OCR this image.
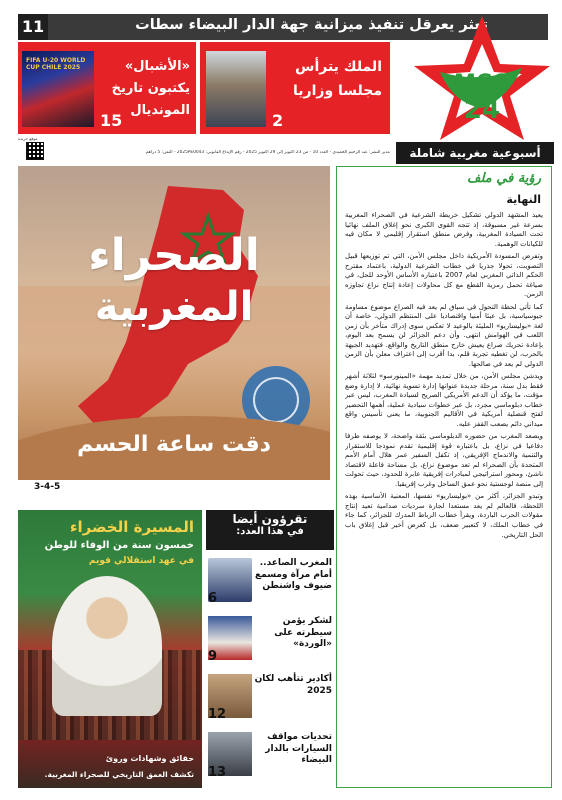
تعثر يعرقل تنفيذ ميزانية جهة الدار البيضاء سطات
11
MCG
24
أسبوعية مغربية شاملة
الملك يترأس مجلسا وزاريا
2
FIFA U-20 WORLD CUP CHILE 2025	«الأشبال» يكتبون تاريخ المونديال
15
موقع جريدة
مدير النشر: عبد الرحيم الحميدي - العدد 10 - من 23 أكتوبر إلى 29 أكتوبر 2025 - رقم الإيداع القانوني: 2025PE0043 - الثمن: 5 دراهم
الصحراء
المغربية
دقت ساعة الحسم
3-4-5
رؤية في ملف
النهاية

يعيد المشهد الدولي تشكيل خريطة الشرعية في الصحراء المغربية بسرعة غير مسبوقة، إذ تتجه القوى الكبرى نحو إغلاق الملف نهائيا تحت السيادة المغربية، وفرض منطق استقرار إقليمي لا مكان فيه للكيانات الوهمية.

وتفرض المسودة الأمريكية داخل مجلس الأمن، التي تم توزيعها قبيل التصويت، تحولا جذريا في خطاب الشرعية الدولية، باعتماد مقترح الحكم الذاتي المغربي لعام 2007 باعتباره الأساس الأوحد للحل، في صياغة تحمل رمزية القطع مع كل محاولات إعادة إنتاج نزاع تجاوزه الزمن.

كما تأتي لحظة التحول في سياق لم يعد فيه الصراع موضوع مساومة جيوسياسية، بل عبئا أمنيا واقتصاديا على المنتظم الدولي، خاصة أن لغة «بوليساريو» المليئة بالوعيد لا تعكس سوى إدراك متأخر بأن زمن اللعب في الهوامش انتهى. وأن دعم الجزائر لن يسمح بعد اليوم، بإعادة تحريك صراع يعيش خارج منطق التاريخ والواقع. فتهديد الجبهة بالحرب، لن تغطيه تجربة قلم، بدا أقرب إلى اعتراف معلن بأن الزمن الدولي لم يعد في صالحها.

ويدشن مجلس الأمن، من خلال تمديد مهمة «المينورسو» لثلاثة أشهر فقط بدل سنة، مرحلة جديدة عنوانها إدارة تسوية نهائية، لا إدارة وضع مؤقت، ما يؤكد أن الدعم الأمريكي الصريح لسيادة المغرب، ليس عبر خطاب دبلوماسي مجرد، بل عبر خطوات سيادية عملية، أهمها التحضير لفتح قنصلية أمريكية في الأقاليم الجنوبية، ما يعني تأسيس واقع ميداني دائم يصعب القفز عليه.

ويصعد المغرب من حضوره الدبلوماسي بثقة واضحة، لا يوصفه طرفا دفاعيا في نزاع، بل باعتباره قوة إقليمية تقدم نموذجا للاستقرار والتنمية والاندماج الإفريقي، إذ تكفل السفير عمر هلال أمام الأمم المتحدة بأن الصحراء لم تعد موضوع نزاع، بل مساحة فاعلة لاقتصاد ناشئ، ومحور استراتيجي لمبادرات إفريقية عابرة للحدود، حيث تحولت إلى منصة لوجستية نحو عمق الساحل وغرب إفريقيا.

وتبدو الجزائر، أكثر من «بوليساريو» نفسها، المعنية الأساسية بهذه اللحظة، فالعالم لم يعد مستعدا لجارة سرديات صدامية تعيد إنتاج مقولات الحرب الباردة، ويقرأ خطاب الرباط المدرك للجزائر، كما جاء في خطاب الملك، لا كتعبير ضعف، بل كعرض أخير قبل إغلاق باب الحل التاريخي.

المسيرة الخضراء
خمسون سنة من الوفاء للوطن
في عهد استقلالي قويم
حقائق وشهادات وروئ
تكشف العمق التاريخي للصحراء المغربية.
تقرؤون أيضا
في هذا العدد:
المغرب الصاعد.. أمام مرآة ومسمع ضيوف واشنطن
6
لشكر يؤمن سيطرته على «الوردة»
9
أكادير تتأهب لكان 2025
12
تحديات مواقف السيارات بالدار البيضاء
13
